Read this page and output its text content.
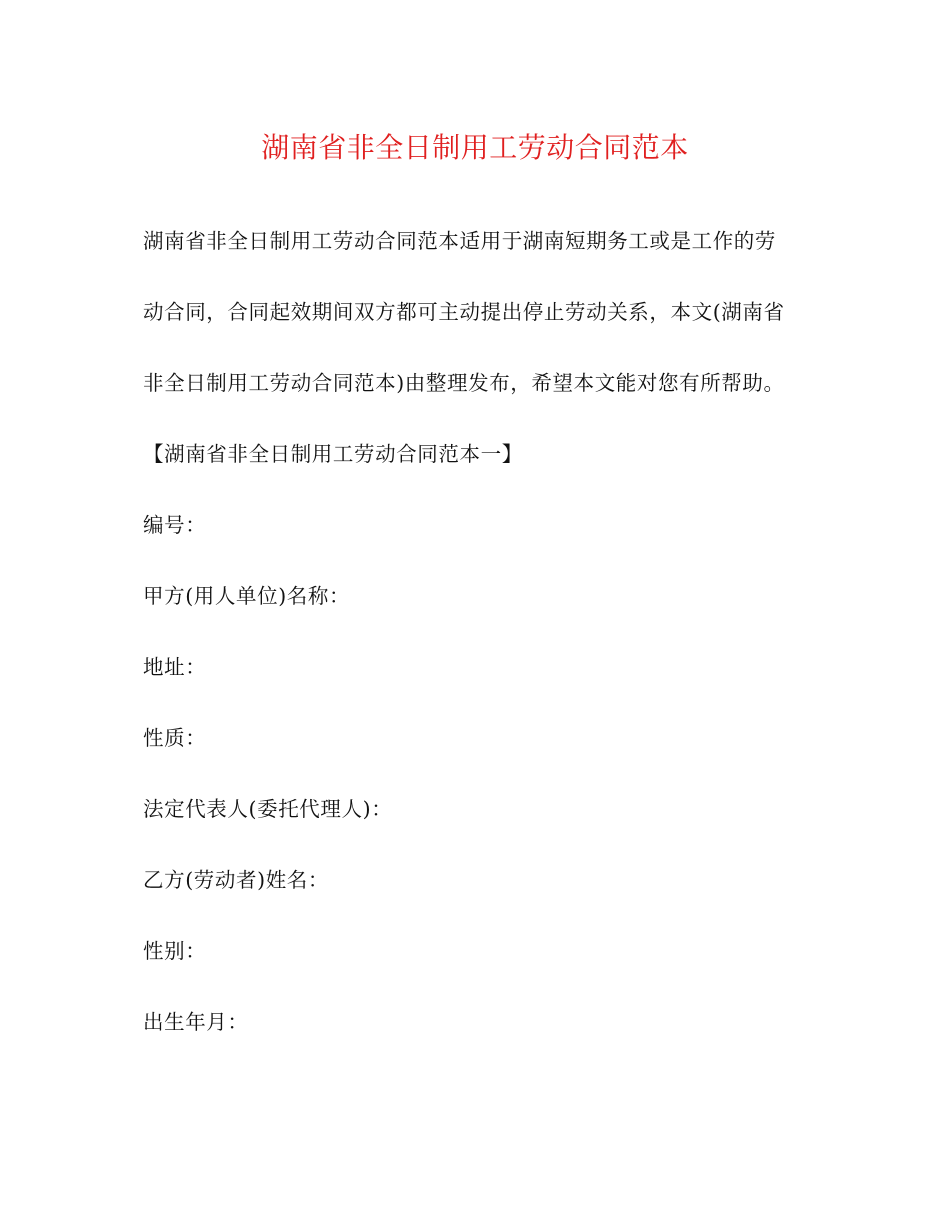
湖南省非全日制用工劳动合同范本
湖南省非全日制用工劳动合同范本适用于湖南短期务工或是工作的劳
动合同，合同起效期间双方都可主动提出停止劳动关系，本文(湖南省
非全日制用工劳动合同范本)由整理发布，希望本文能对您有所帮助。
【湖南省非全日制用工劳动合同范本一】
编号：
甲方(用人单位)名称：
地址：
性质：
法定代表人(委托代理人)：
乙方(劳动者)姓名：
性别：
出生年月：
